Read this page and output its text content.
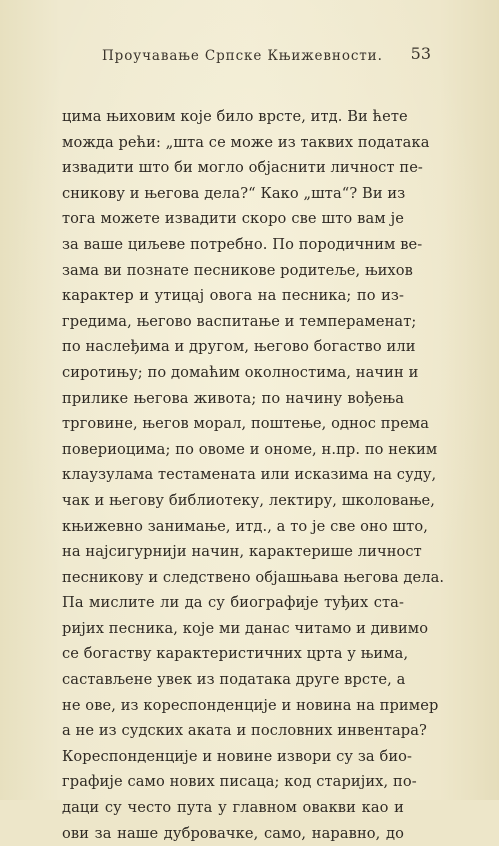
Проучавање Српске Књижевности. 53
цима њиховим које било врсте, итд. Ви ћете
можда рећи: „шта се може из таквих података
извадити што би могло објаснити личност пе-
сникову и његова дела?“ Како „шта“? Ви из
тога можете извадити скоро све што вам је
за ваше циљеве потребно. По породичним ве-
зама ви познате песникове родитеље, њихов
карактер и утицај овога на песника; по из-
гредима, његово васпитање и темпераменат;
по наслеђима и другом, његово богаство или
сиротињу; по домаћим околностима, начин и
прилике његова живота; по начину вођења
трговине, његов морал, поштење, однос према
повериоцима; по овоме и ономе, н.пр. по неким
клаузулама тестамената или исказима на суду,
чак и његову библиотеку, лектиру, школовање,
књижевно занимање, итд., а то је све оно што,
на најсигурнији начин, карактерише личност
песникову и следствено објашњава његова дела.
Па мислите ли да су биографије туђих ста-
ријих песника, које ми данас читамо и дивимо
се богаству карактеристичних црта у њима,
састављене увек из података друге врсте, а
не ове, из кореспонденције и новина на пример
а не из судских аката и пословних инвентара?
Кореспонденције и новине извори су за био-
графије само нових писаца; код старијих, по-
даци су често пута у главном овакви као и
ови за наше дубровачке, само, наравно, до
